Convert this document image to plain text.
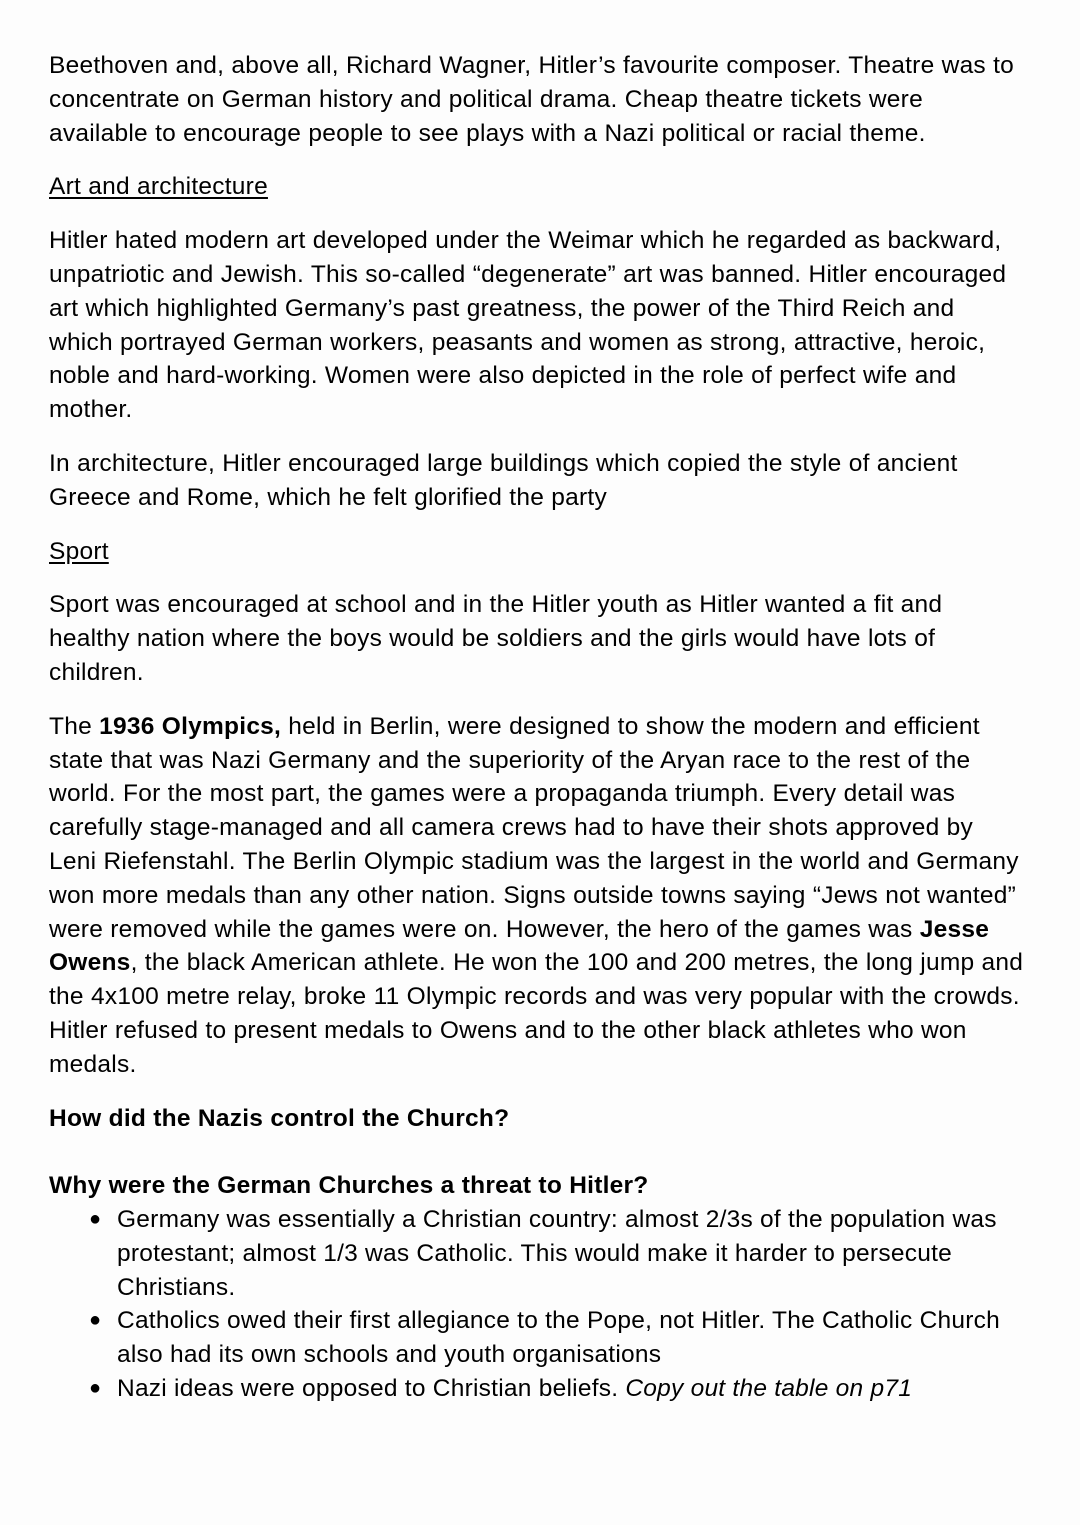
Beethoven and, above all, Richard Wagner, Hitler’s favourite composer. Theatre was to concentrate on German history and political drama. Cheap theatre tickets were available to encourage people to see plays with a Nazi political or racial theme.

Art and architecture

Hitler hated modern art developed under the Weimar which he regarded as backward, unpatriotic and Jewish. This so-called “degenerate” art was banned. Hitler encouraged art which highlighted Germany’s past greatness, the power of the Third Reich and which portrayed German workers, peasants and women as strong, attractive, heroic, noble and hard-working. Women were also depicted in the role of perfect wife and mother.

In architecture, Hitler encouraged large buildings which copied the style of ancient Greece and Rome, which he felt glorified the party

Sport

Sport was encouraged at school and in the Hitler youth as Hitler wanted a fit and healthy nation where the boys would be soldiers and the girls would have lots of children.

The 1936 Olympics, held in Berlin, were designed to show the modern and efficient state that was Nazi Germany and the superiority of the Aryan race to the rest of the world. For the most part, the games were a propaganda triumph. Every detail was carefully stage-managed and all camera crews had to have their shots approved by Leni Riefenstahl. The Berlin Olympic stadium was the largest in the world and Germany won more medals than any other nation. Signs outside towns saying “Jews not wanted” were removed while the games were on. However, the hero of the games was Jesse Owens, the black American athlete. He won the 100 and 200 metres, the long jump and the 4x100 metre relay, broke 11 Olympic records and was very popular with the crowds. Hitler refused to present medals to Owens and to the other black athletes who won medals.

How did the Nazis control the Church?

Why were the German Churches a threat to Hitler?

● Germany was essentially a Christian country: almost 2/3s of the population was protestant; almost 1/3 was Catholic. This would make it harder to persecute Christians.
● Catholics owed their first allegiance to the Pope, not Hitler. The Catholic Church also had its own schools and youth organisations
● Nazi ideas were opposed to Christian beliefs. Copy out the table on p71
